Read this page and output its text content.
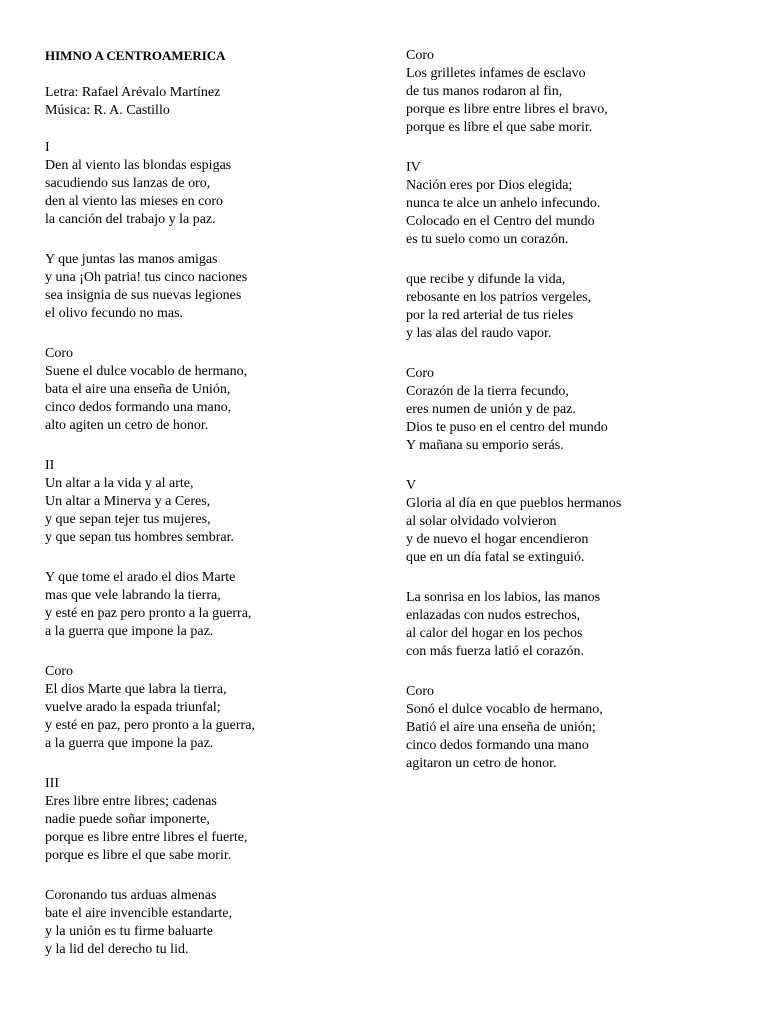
HIMNO A CENTROAMERICA
Letra: Rafael Arévalo Martínez
Música: R. A. Castillo
I
Den al viento las blondas espigas
sacudiendo sus lanzas de oro,
den al viento las mieses en coro
la canción del trabajo y la paz.
Y que juntas las manos amigas
y una ¡Oh patria! tus cinco naciones
sea insignia de sus nuevas legiones
el olivo fecundo no mas.
Coro
Suene el dulce vocablo de hermano,
bata el aire una enseña de Unión,
cinco dedos formando una mano,
alto agiten un cetro de honor.
II
Un altar a la vida y al arte,
Un altar a Minerva y a Ceres,
y que sepan tejer tus mujeres,
y que sepan tus hombres sembrar.
Y que tome el arado el dios Marte
mas que vele labrando la tierra,
y esté en paz pero pronto a la guerra,
a la guerra que impone la paz.
Coro
El dios Marte que labra la tierra,
vuelve arado la espada triunfal;
y esté en paz, pero pronto a la guerra,
a la guerra que impone la paz.
III
Eres libre entre libres; cadenas
nadie puede soñar imponerte,
porque es libre entre libres el fuerte,
porque es libre el que sabe morir.
Coronando tus arduas almenas
bate el aire invencible estandarte,
y la unión es tu firme baluarte
y la lid del derecho tu lid.
Coro
Los grilletes infames de esclavo
de tus manos rodaron al fin,
porque es libre entre libres el bravo,
porque es libre el que sabe morir.
IV
Nación eres por Dios elegida;
nunca te alce un anhelo infecundo.
Colocado en el Centro del mundo
es tu suelo como un corazón.
que recibe y difunde la vida,
rebosante en los patrios vergeles,
por la red arterial de tus rieles
y las alas del raudo vapor.
Coro
Corazón de la tierra fecundo,
eres numen de unión y de paz.
Dios te puso en el centro del mundo
Y mañana su emporio serás.
V
Gloria al día en que pueblos hermanos
al solar olvidado volvieron
y de nuevo el hogar encendieron
que en un día fatal se extinguió.
La sonrisa en los labios, las manos
enlazadas con nudos estrechos,
al calor del hogar en los pechos
con más fuerza latió el corazón.
Coro
Sonó el dulce vocablo de hermano,
Batió el aire una enseña de unión;
cinco dedos formando una mano
agitaron un cetro de honor.
